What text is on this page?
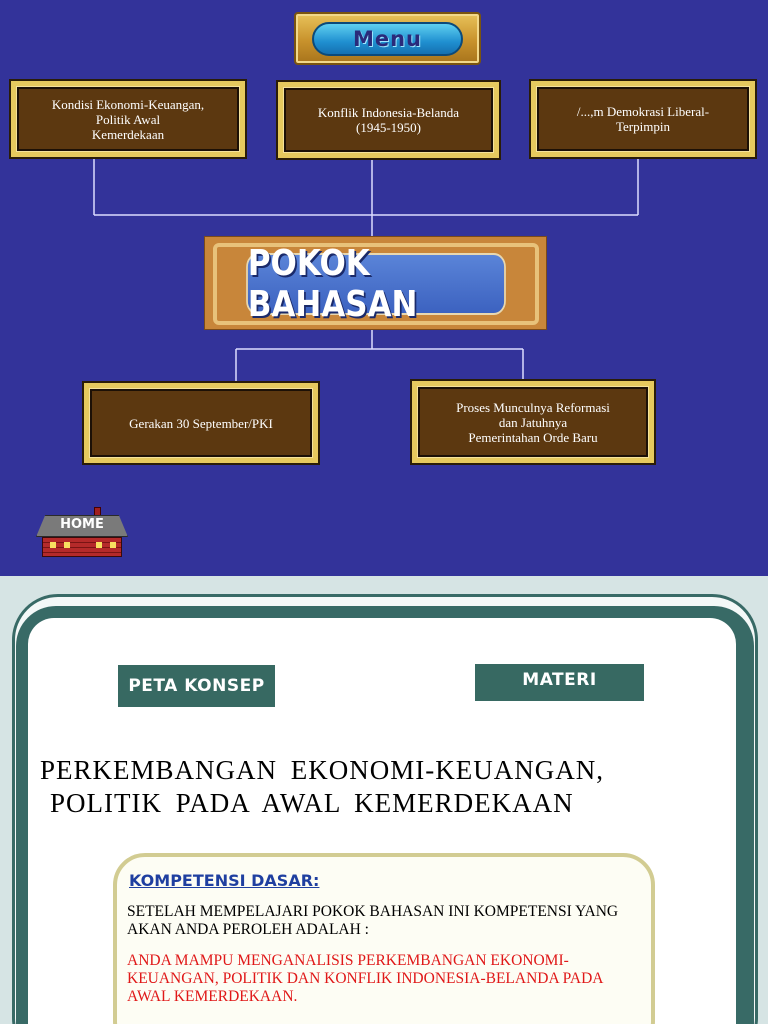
Menu
Kondisi Ekonomi-Keuangan,
Politik Awal
Kemerdekaan
Konflik Indonesia-Belanda
(1945-1950)
/...,m Demokrasi Liberal-
Terpimpin
POKOK BAHASAN
Gerakan 30 September/PKI
Proses Munculnya Reformasi
dan Jatuhnya
Pemerintahan Orde Baru
HOME
PETA KONSEP	MATERI
PERKEMBANGAN EKONOMI-KEUANGAN,
POLITIK PADA AWAL KEMERDEKAAN
KOMPETENSI DASAR:
SETELAH MEMPELAJARI POKOK BAHASAN INI KOMPETENSI YANG AKAN ANDA PEROLEH ADALAH :
ANDA MAMPU MENGANALISIS PERKEMBANGAN EKONOMI-KEUANGAN, POLITIK DAN KONFLIK INDONESIA-BELANDA PADA AWAL KEMERDEKAAN.
